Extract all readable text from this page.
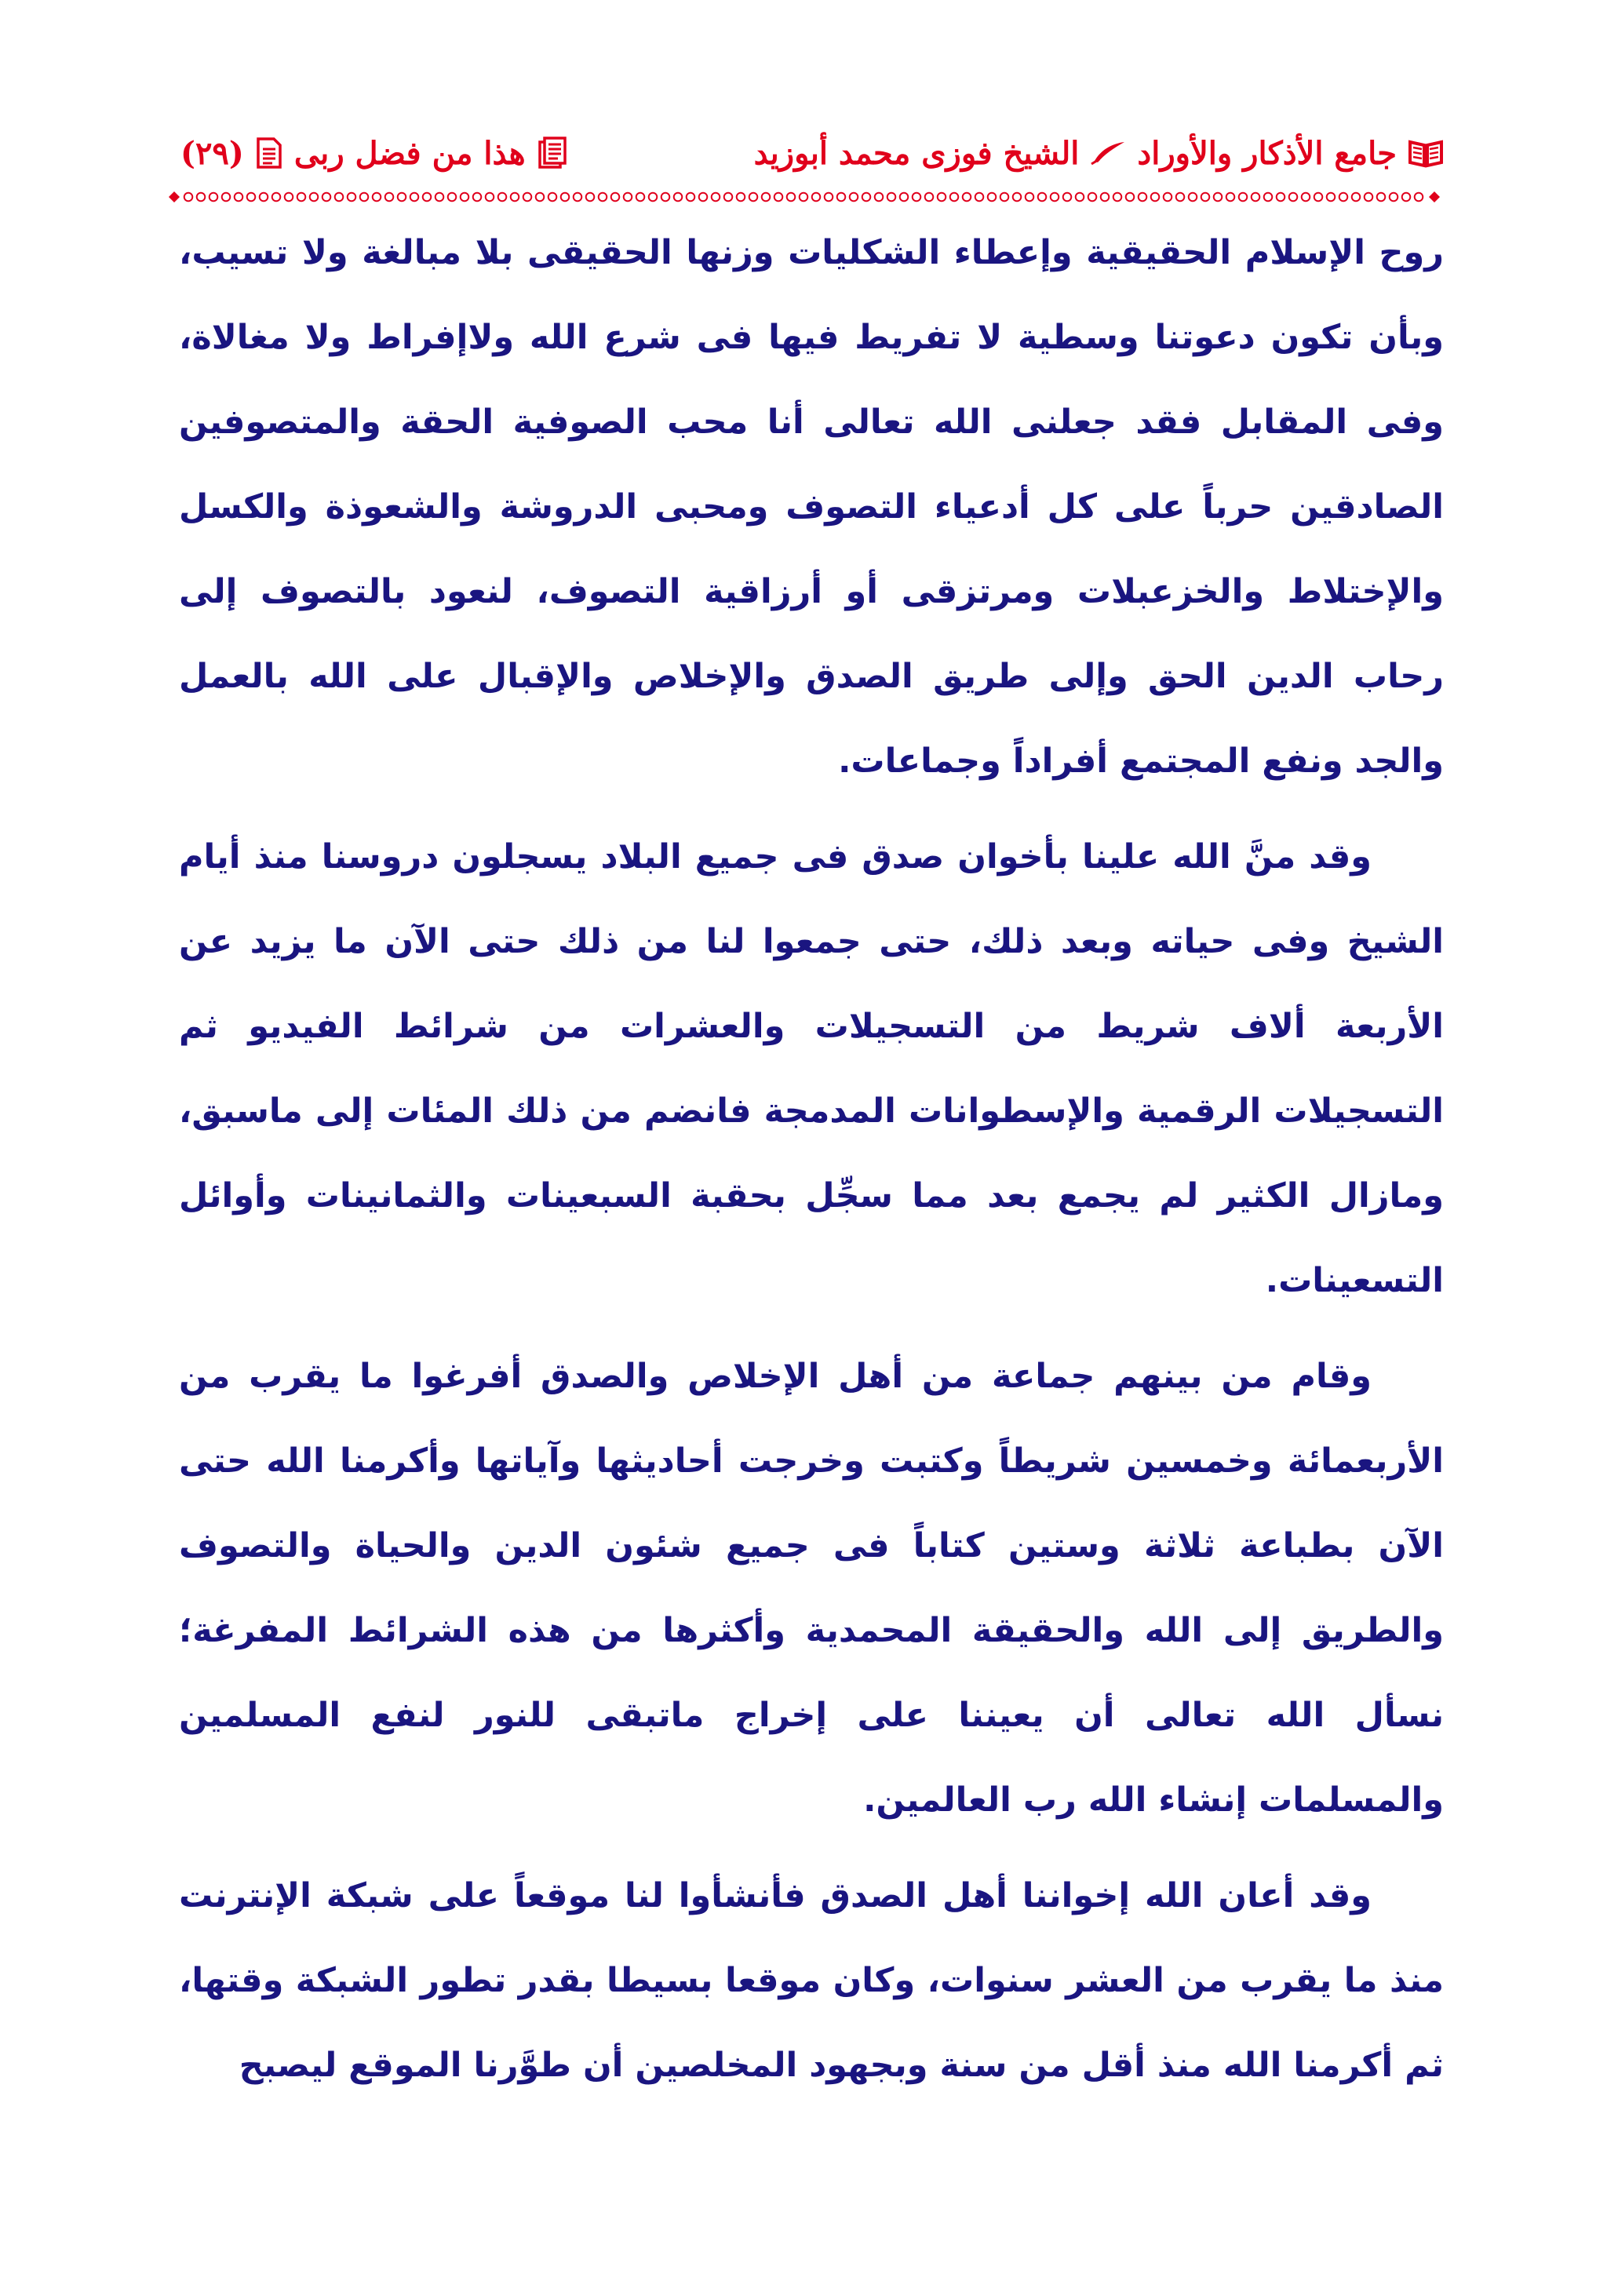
جامع الأذكار والأوراد
الشيخ فوزى محمد أبوزيد
هذا من فضل ربى
(٢٩)

روح الإسلام الحقيقية وإعطاء الشكليات وزنها الحقيقى بلا مبالغة ولا تسيب، وبأن تكون دعوتنا وسطية لا تفريط فيها فى شرع الله ولاإفراط ولا مغالاة، وفى المقابل فقد جعلنى الله تعالى أنا محب الصوفية الحقة والمتصوفين الصادقين حرباً على كل أدعياء التصوف ومحبى الدروشة والشعوذة والكسل والإختلاط والخزعبلات ومرتزقى أو أرزاقية التصوف، لنعود بالتصوف إلى رحاب الدين الحق وإلى طريق الصدق والإخلاص والإقبال على الله بالعمل والجد ونفع المجتمع أفراداً وجماعات.

وقد منَّ الله علينا بأخوان صدق فى جميع البلاد يسجلون دروسنا منذ أيام الشيخ وفى حياته وبعد ذلك، حتى جمعوا لنا من ذلك حتى الآن ما يزيد عن الأربعة ألاف شريط من التسجيلات والعشرات من شرائط الفيديو ثم التسجيلات الرقمية والإسطوانات المدمجة فانضم من ذلك المئات إلى ماسبق، ومازال الكثير لم يجمع بعد مما سجِّل بحقبة السبعينات والثمانينات وأوائل التسعينات.

وقام من بينهم جماعة من أهل الإخلاص والصدق أفرغوا ما يقرب من الأربعمائة وخمسين شريطاً وكتبت وخرجت أحاديثها وآياتها وأكرمنا الله حتى الآن بطباعة ثلاثة وستين كتاباً فى جميع شئون الدين والحياة والتصوف والطريق إلى الله والحقيقة المحمدية وأكثرها من هذه الشرائط المفرغة؛ نسأل الله تعالى أن يعيننا على إخراج ماتبقى للنور لنفع المسلمين والمسلمات إنشاء الله رب العالمين.

وقد أعان الله إخواننا أهل الصدق فأنشأوا لنا موقعاً على شبكة الإنترنت منذ ما يقرب من العشر سنوات، وكان موقعا بسيطا بقدر تطور الشبكة وقتها، ثم أكرمنا الله منذ أقل من سنة وبجهود المخلصين أن طوَّرنا الموقع ليصبح
